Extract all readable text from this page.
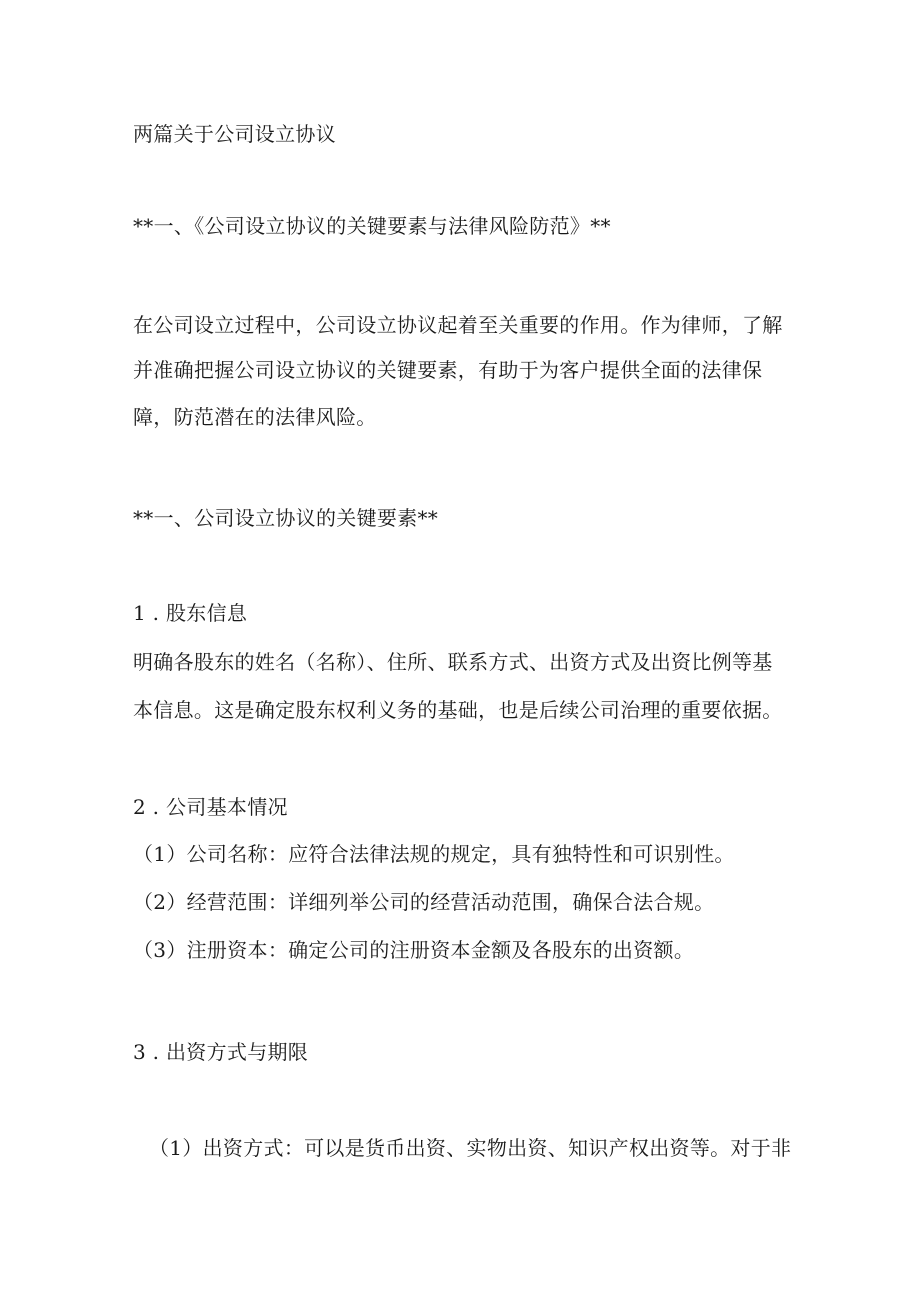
两篇关于公司设立协议
**一、《公司设立协议的关键要素与法律风险防范》**
在公司设立过程中，公司设立协议起着至关重要的作用。作为律师，了解
并准确把握公司设立协议的关键要素，有助于为客户提供全面的法律保
障，防范潜在的法律风险。
**一、公司设立协议的关键要素**
1 . 股东信息
明确各股东的姓名（名称）、住所、联系方式、出资方式及出资比例等基
本信息。这是确定股东权利义务的基础，也是后续公司治理的重要依据。
2 . 公司基本情况
（1）公司名称：应符合法律法规的规定，具有独特性和可识别性。
（2）经营范围：详细列举公司的经营活动范围，确保合法合规。
（3）注册资本：确定公司的注册资本金额及各股东的出资额。
3 . 出资方式与期限
（1）出资方式：可以是货币出资、实物出资、知识产权出资等。对于非
